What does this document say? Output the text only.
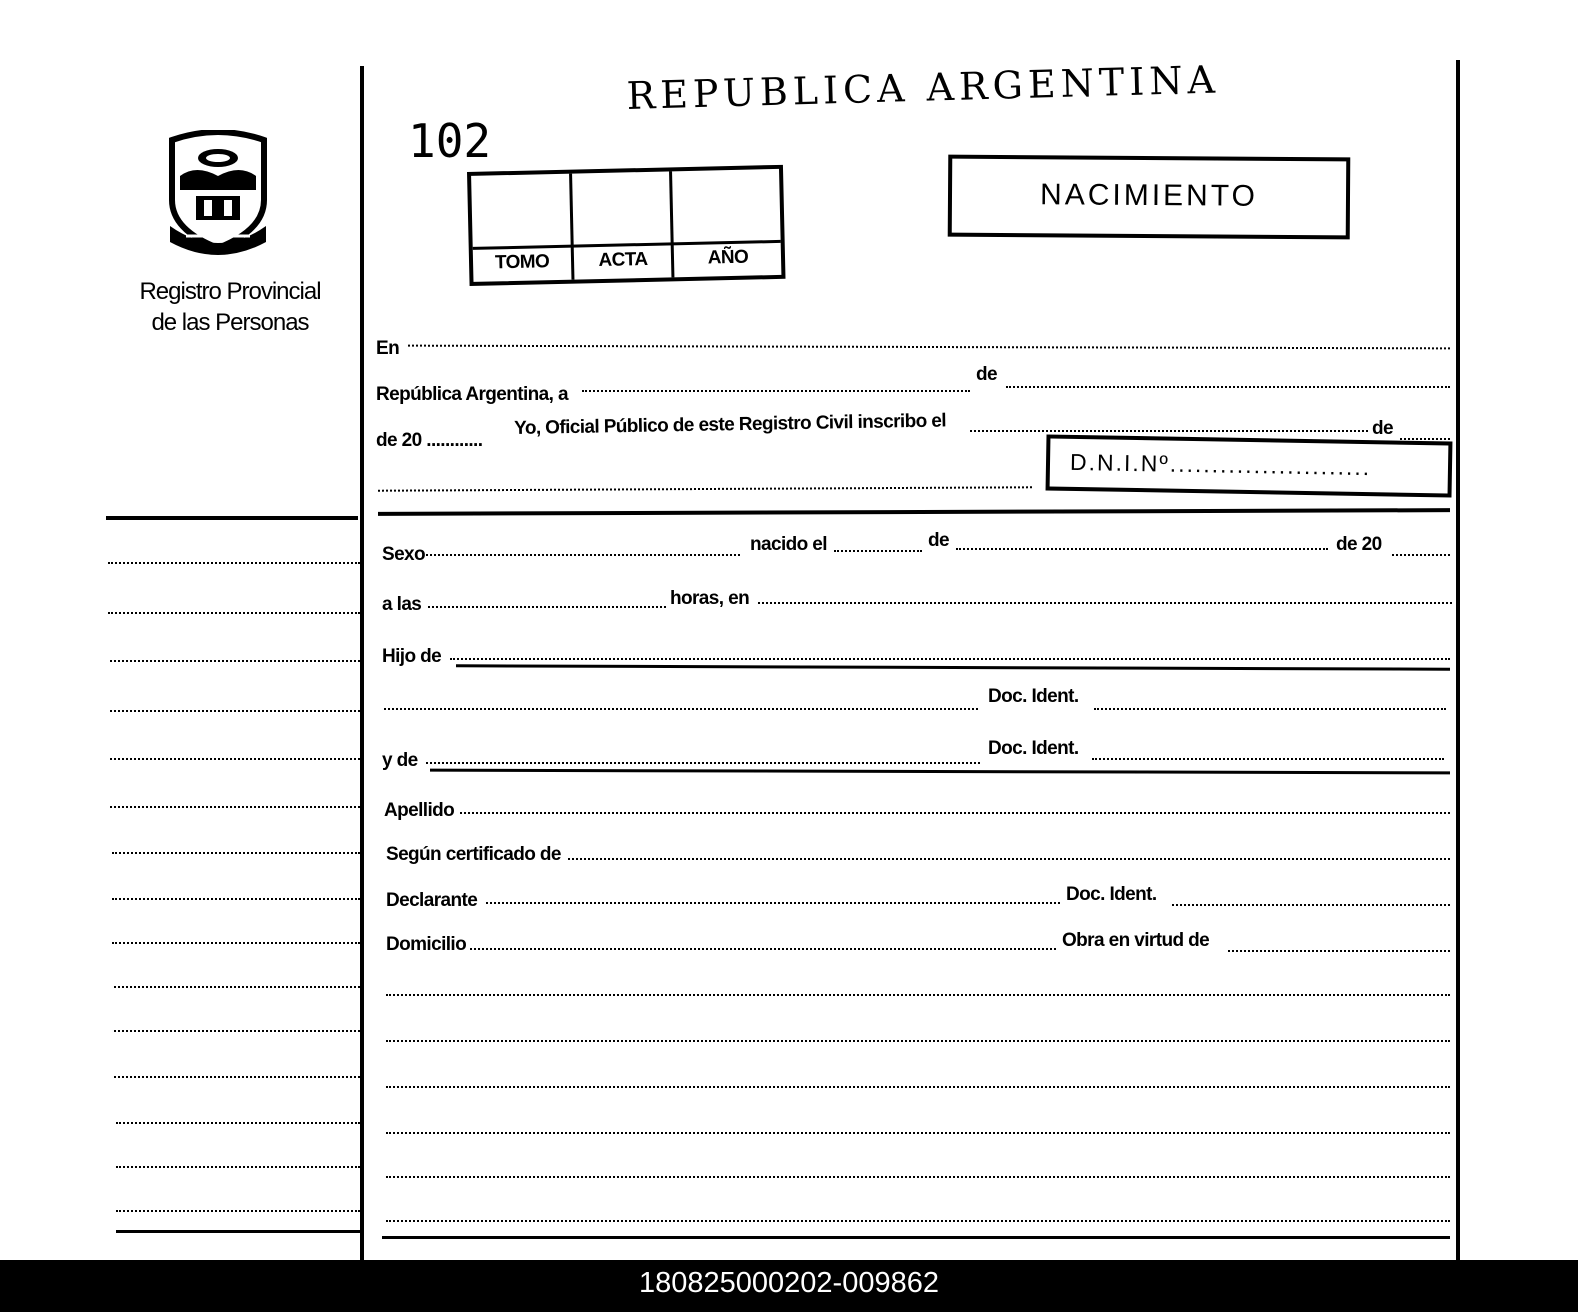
Registro Provincial
de las Personas
REPUBLICA ARGENTINA
102
TOMO	ACTA	AÑO
NACIMIENTO
En
República Argentina, a
de
de 20 ............
Yo, Oficial Público de este Registro Civil inscribo el	de
D.N.I.Nº........................
Sexo	nacido el	de	de 20
a las	horas, en
Hijo de
Doc. Ident.
y de
Doc. Ident.
Apellido
Según certificado de
Declarante	Doc. Ident.
Domicilio	Obra en virtud de
180825000202-009862
